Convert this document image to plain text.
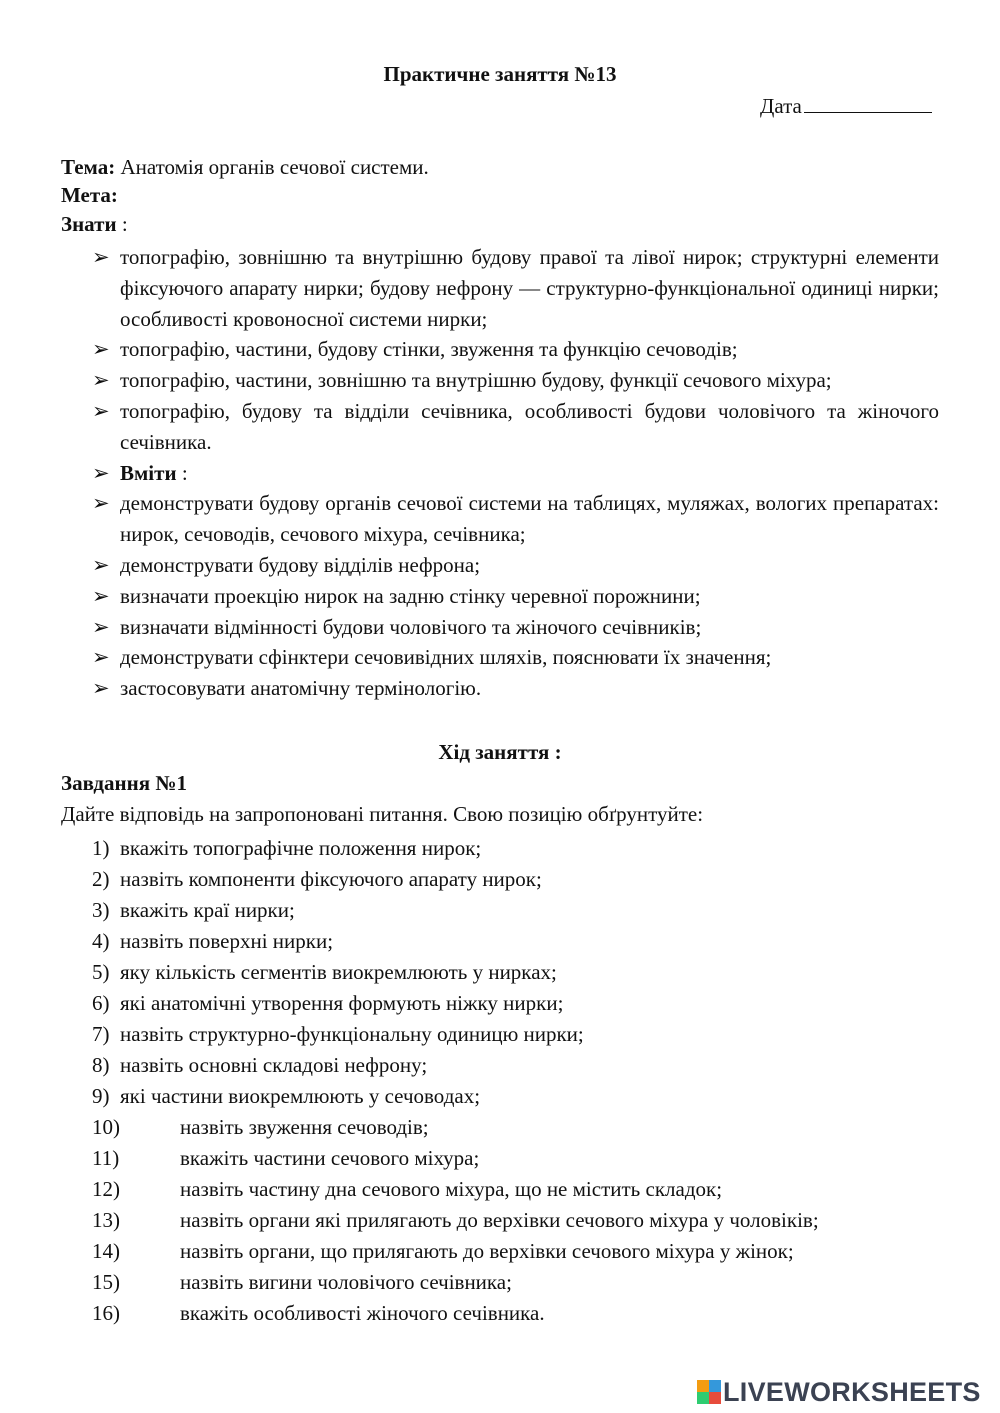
Практичне заняття №13
Дата
Тема: Анатомія органів сечової системи.
Мета:
Знати :
➢ топографію, зовнішню та внутрішню будову правої та лівої нирок; структурні елементи фіксуючого апарату нирки; будову нефрону — структурно-функціональної одиниці нирки; особливості кровоносної системи нирки;
➢ топографію, частини, будову стінки, звуження та функцію сечоводів;
➢ топографію, частини, зовнішню та внутрішню будову, функції сечового міхура;
➢ топографію, будову та відділи сечівника, особливості будови чоловічого та жіночого сечівника.
➢ Вміти :
➢ демонструвати будову органів сечової системи на таблицях, муляжах, вологих препаратах: нирок, сечоводів, сечового міхура, сечівника;
➢ демонструвати будову відділів нефрона;
➢ визначати проекцію нирок на задню стінку черевної порожнини;
➢ визначати відмінності будови чоловічого та жіночого сечівників;
➢ демонструвати сфінктери сечовивідних шляхів, пояснювати їх значення;
➢ застосовувати анатомічну термінологію.
Хід заняття :
Завдання №1
Дайте відповідь на запропоновані питання. Свою позицію обґрунтуйте:
1) вкажіть топографічне положення нирок;
2) назвіть компоненти фіксуючого апарату нирок;
3) вкажіть краї нирки;
4) назвіть поверхні нирки;
5) яку кількість сегментів виокремлюють у нирках;
6) які анатомічні утворення формують ніжку нирки;
7) назвіть структурно-функціональну одиницю нирки;
8) назвіть основні складові нефрону;
9) які частини виокремлюють у сечоводах;
10)	назвіть звуження сечоводів;
11)	вкажіть частини сечового міхура;
12)	назвіть частину дна сечового міхура, що не містить складок;
13)	назвіть органи які прилягають до верхівки сечового міхура у чоловіків;
14)	назвіть органи, що прилягають до верхівки сечового міхура у жінок;
15)	назвіть вигини чоловічого сечівника;
16)	вкажіть особливості жіночого сечівника.
LIVEWORKSHEETS
